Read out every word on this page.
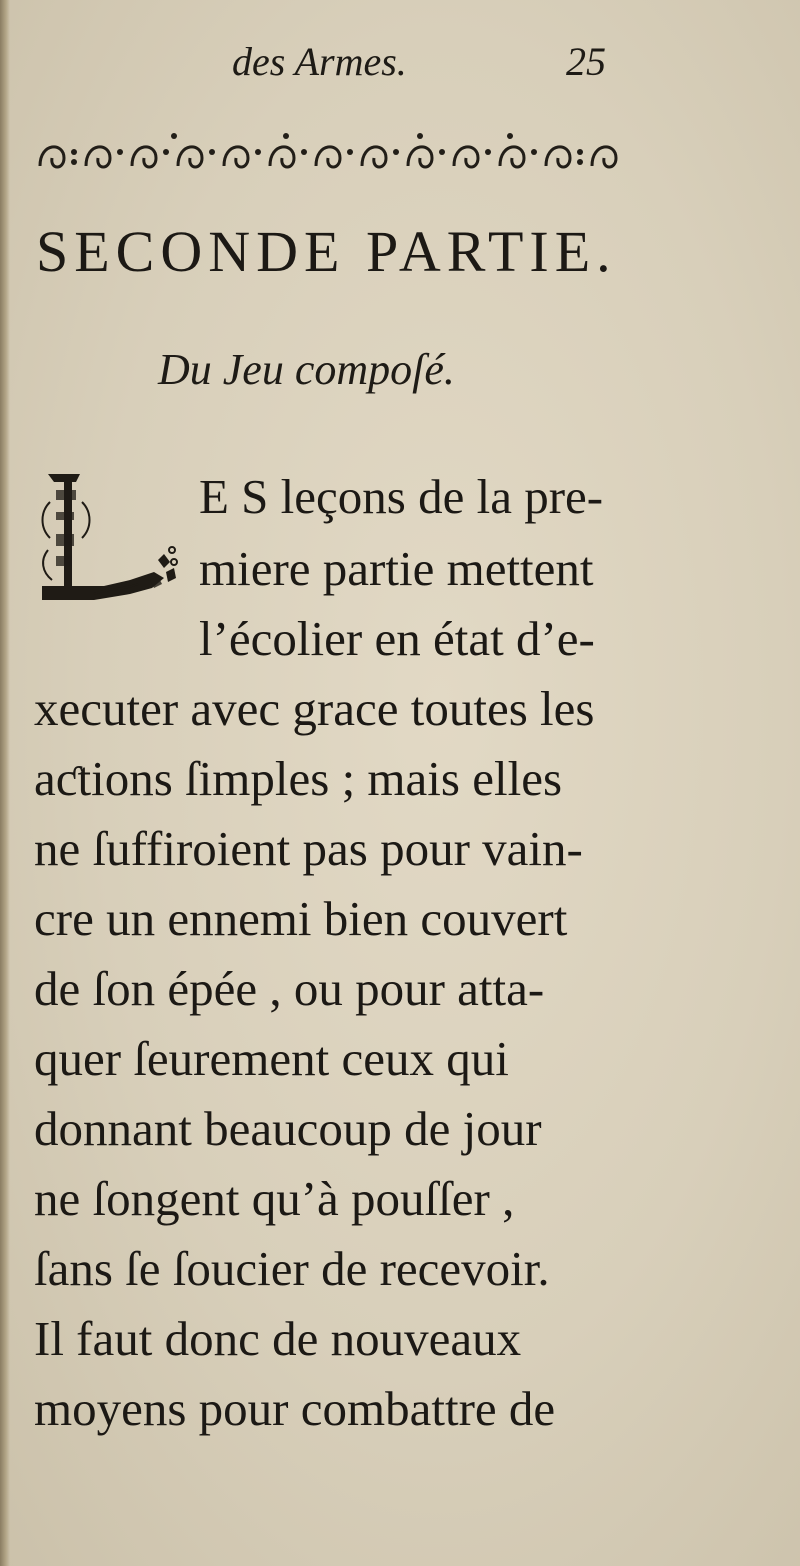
des Armes.	25
SECONDE PARTIE.
Du Jeu compoſé.
E S leçons de la pre-
miere partie mettent
l’écolier en état d’e-
xecuter avec grace toutes les
aƈtions ſimples ; mais elles
ne ſuffiroient pas pour vain-
cre un ennemi bien couvert
de ſon épée , ou pour atta-
quer ſeurement ceux qui
donnant beaucoup de jour
ne ſongent qu’à pouſſer ,
ſans ſe ſoucier de recevoir.
Il faut donc de nouveaux
moyens pour combattre de
